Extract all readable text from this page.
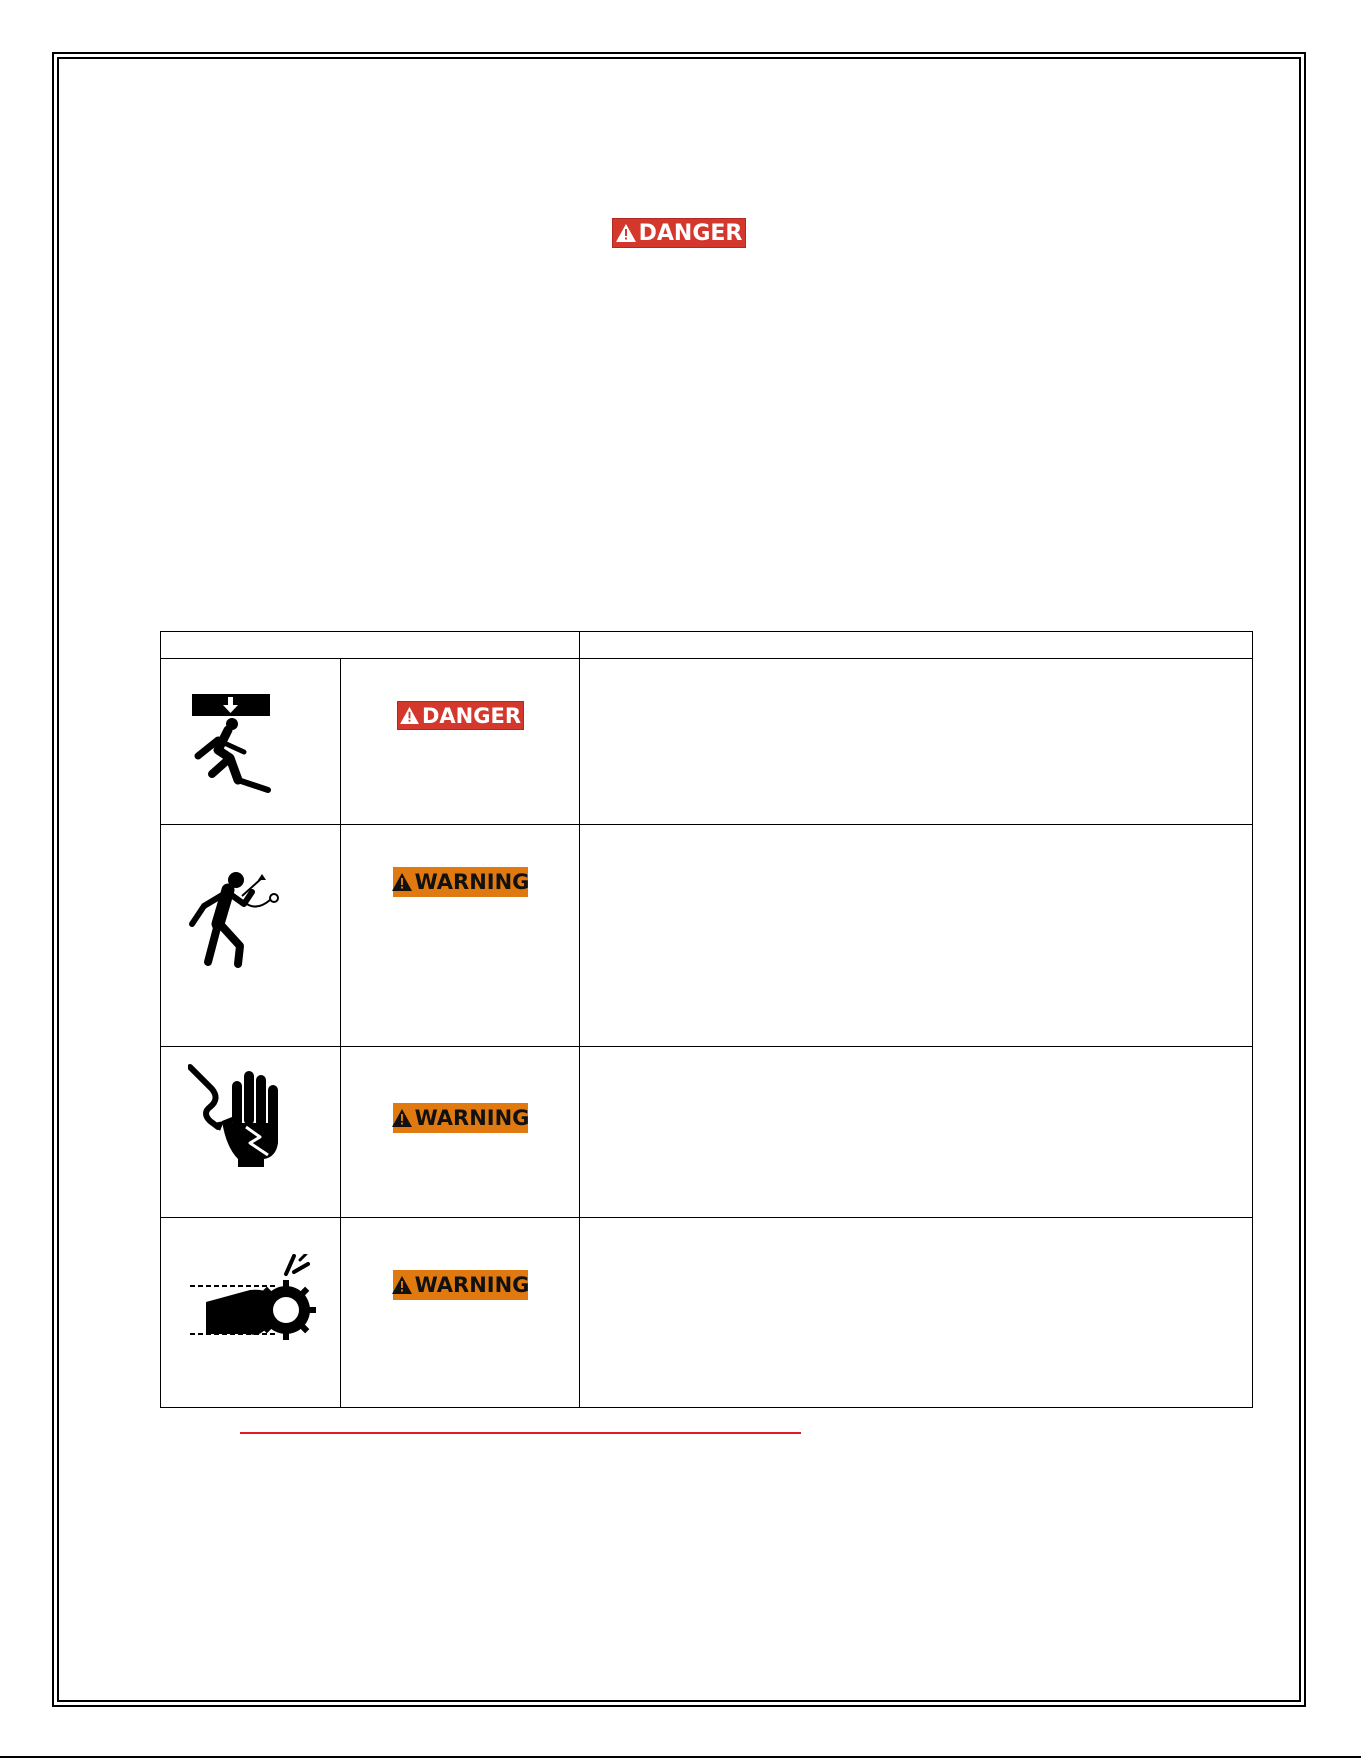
DANGER
DANGER
WARNING
WARNING
WARNING
